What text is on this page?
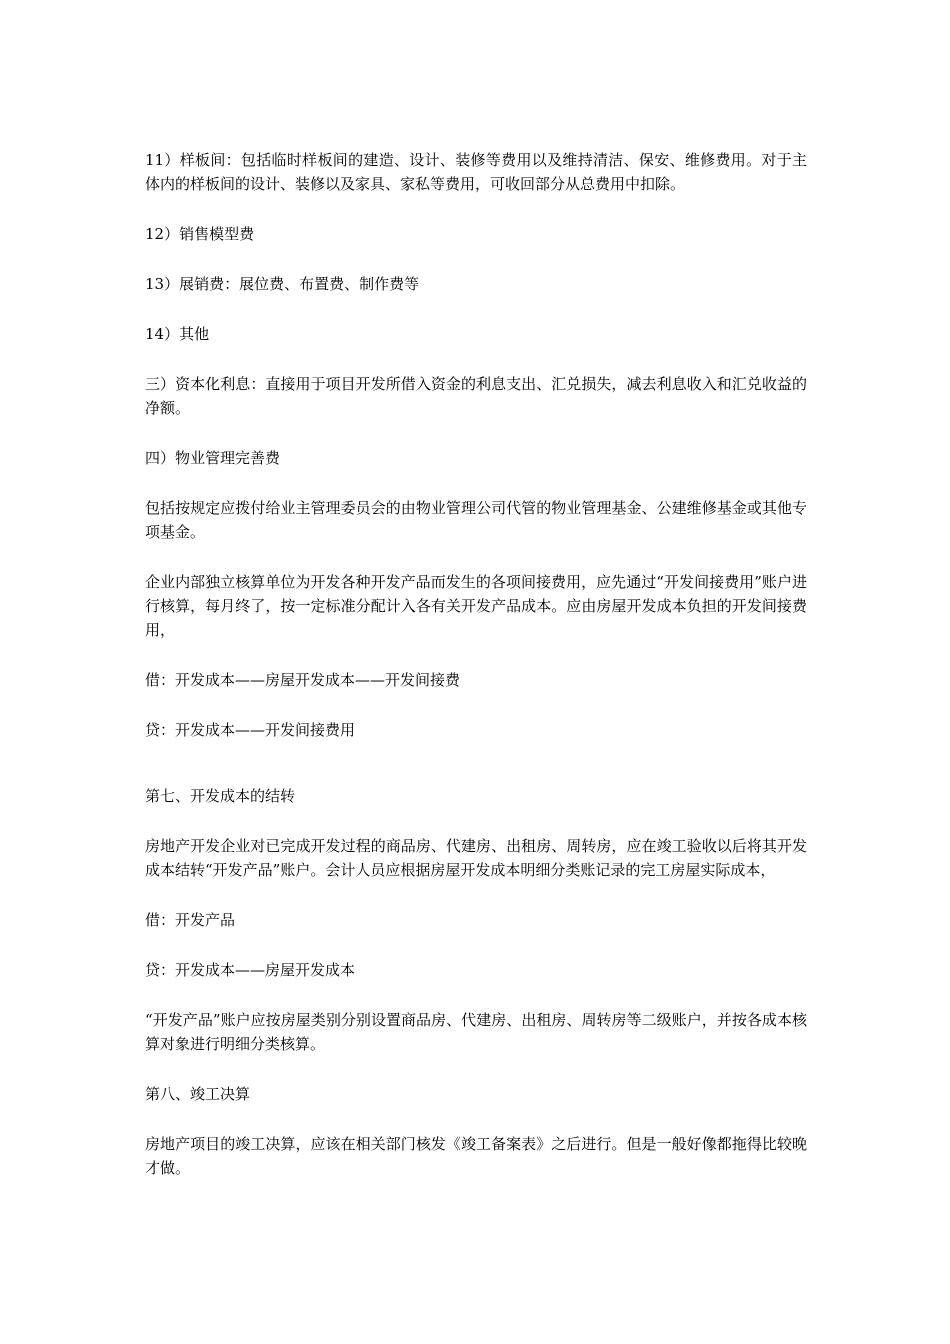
11）样板间：包括临时样板间的建造、设计、装修等费用以及维持清洁、保安、维修费用。对于主体内的样板间的设计、装修以及家具、家私等费用，可收回部分从总费用中扣除。

12）销售模型费

13）展销费：展位费、布置费、制作费等

14）其他

三）资本化利息：直接用于项目开发所借入资金的利息支出、汇兑损失，减去利息收入和汇兑收益的净额。

四）物业管理完善费

包括按规定应拨付给业主管理委员会的由物业管理公司代管的物业管理基金、公建维修基金或其他专项基金。

企业内部独立核算单位为开发各种开发产品而发生的各项间接费用，应先通过“开发间接费用”账户进行核算，每月终了，按一定标准分配计入各有关开发产品成本。应由房屋开发成本负担的开发间接费用，

借：开发成本——房屋开发成本——开发间接费

贷：开发成本——开发间接费用

第七、开发成本的结转

房地产开发企业对已完成开发过程的商品房、代建房、出租房、周转房，应在竣工验收以后将其开发成本结转“开发产品”账户。会计人员应根据房屋开发成本明细分类账记录的完工房屋实际成本，

借：开发产品

贷：开发成本——房屋开发成本

“开发产品”账户应按房屋类别分别设置商品房、代建房、出租房、周转房等二级账户，并按各成本核算对象进行明细分类核算。

第八、竣工决算

房地产项目的竣工决算，应该在相关部门核发《竣工备案表》之后进行。但是一般好像都拖得比较晚才做。
